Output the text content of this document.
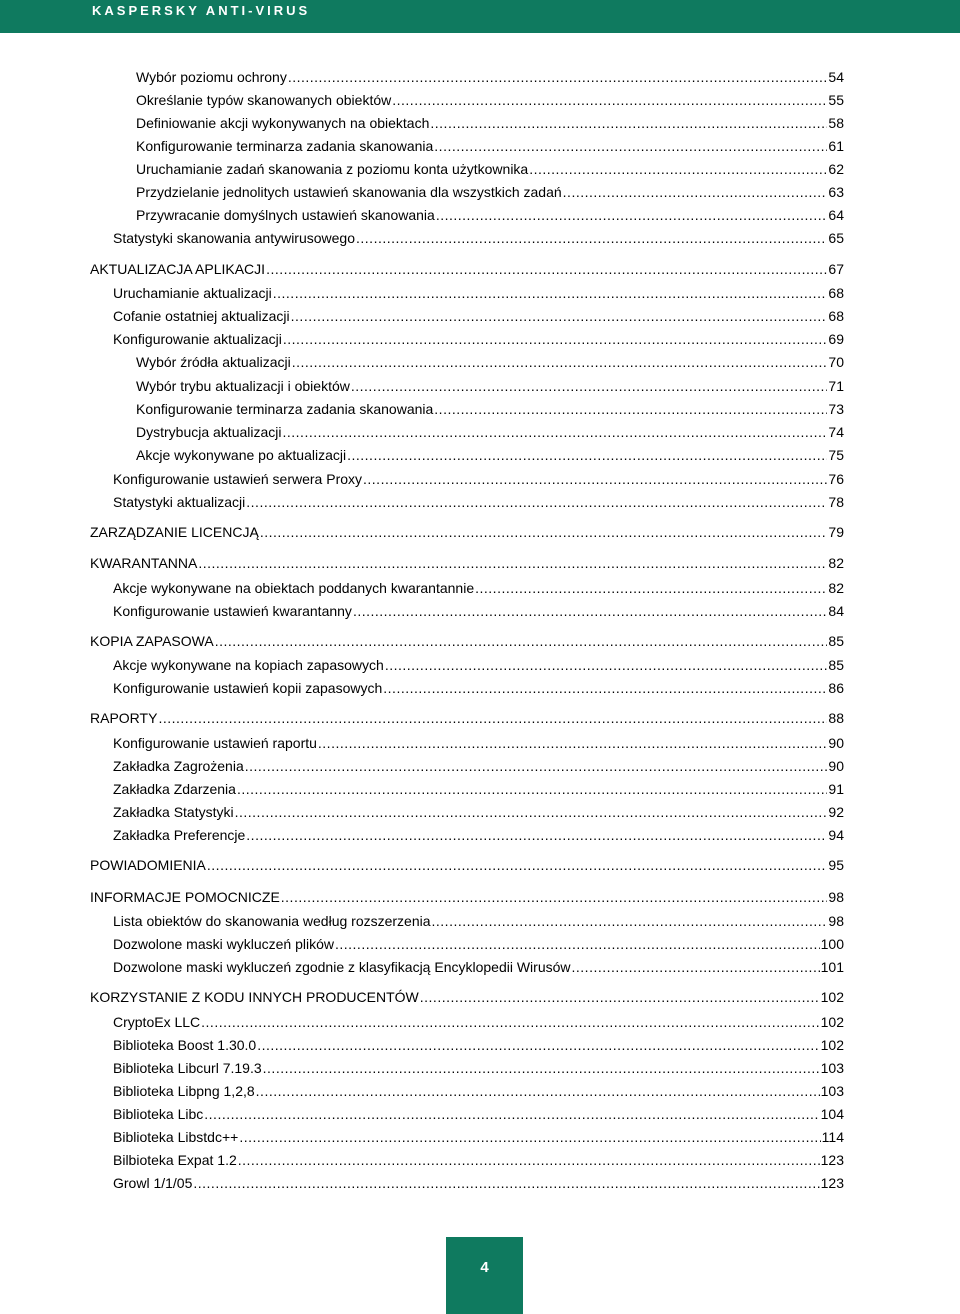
KASPERSKY ANTI-VIRUS
Wybór poziomu ochrony .....	54
Określanie typów skanowanych obiektów .....	55
Definiowanie akcji wykonywanych na obiektach .....	58
Konfigurowanie terminarza zadania skanowania .....	61
Uruchamianie zadań skanowania z poziomu konta użytkownika .....	62
Przydzielanie jednolitych ustawień skanowania dla wszystkich zadań .....	63
Przywracanie domyślnych ustawień skanowania .....	64
Statystyki skanowania antywirusowego .....	65
AKTUALIZACJA APLIKACJI .....	67
Uruchamianie aktualizacji .....	68
Cofanie ostatniej aktualizacji .....	68
Konfigurowanie aktualizacji .....	69
Wybór źródła aktualizacji .....	70
Wybór trybu aktualizacji i obiektów .....	71
Konfigurowanie terminarza zadania skanowania .....	73
Dystrybucja aktualizacji .....	74
Akcje wykonywane po aktualizacji .....	75
Konfigurowanie ustawień serwera Proxy .....	76
Statystyki aktualizacji .....	78
ZARZĄDZANIE LICENCJĄ .....	79
KWARANTANNA .....	82
Akcje wykonywane na obiektach poddanych kwarantannie .....	82
Konfigurowanie ustawień kwarantanny .....	84
KOPIA ZAPASOWA .....	85
Akcje wykonywane na kopiach zapasowych .....	85
Konfigurowanie ustawień kopii zapasowych .....	86
RAPORTY .....	88
Konfigurowanie ustawień raportu .....	90
Zakładka Zagrożenia .....	90
Zakładka Zdarzenia .....	91
Zakładka Statystyki .....	92
Zakładka Preferencje .....	94
POWIADOMIENIA .....	95
INFORMACJE POMOCNICZE .....	98
Lista obiektów do skanowania według rozszerzenia .....	98
Dozwolone maski wykluczeń plików .....	100
Dozwolone maski wykluczeń zgodnie z klasyfikacją Encyklopedii Wirusów .....	101
KORZYSTANIE Z KODU INNYCH PRODUCENTÓW .....	102
CryptoEx LLC .....	102
Biblioteka Boost 1.30.0 .....	102
Biblioteka Libcurl 7.19.3 .....	103
Biblioteka Libpng 1,2,8 .....	103
Biblioteka Libc .....	104
Biblioteka Libstdc++ .....	114
Bilbioteka Expat 1.2 .....	123
Growl 1/1/05 .....	123
4
